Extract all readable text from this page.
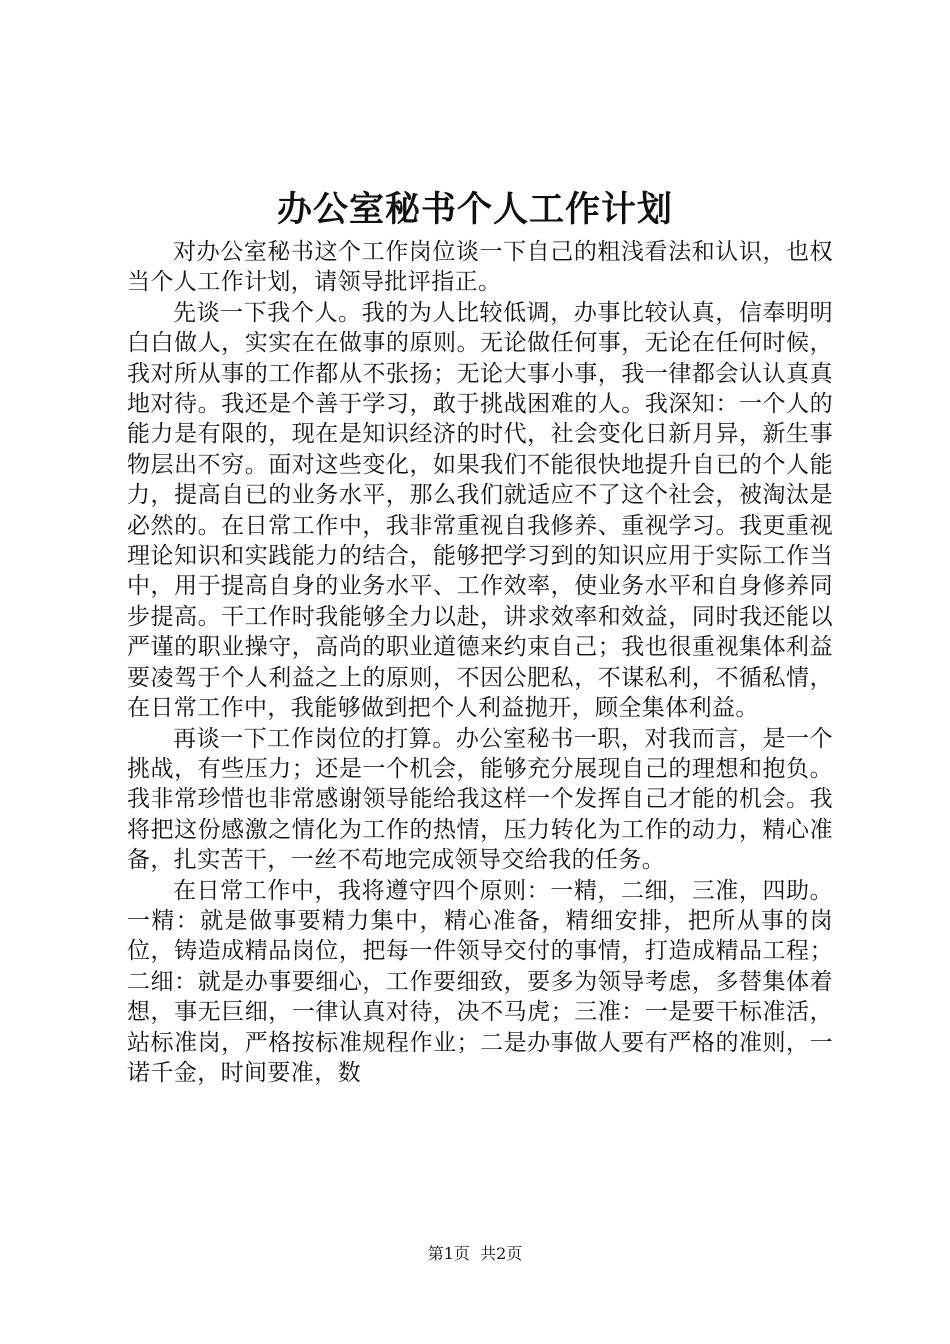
办公室秘书个人工作计划

对办公室秘书这个工作岗位谈一下自己的粗浅看法和认识，也权当个人工作计划，请领导批评指正。

先谈一下我个人。我的为人比较低调，办事比较认真，信奉明明白白做人，实实在在做事的原则。无论做任何事，无论在任何时候，我对所从事的工作都从不张扬；无论大事小事，我一律都会认认真真地对待。我还是个善于学习，敢于挑战困难的人。我深知：一个人的能力是有限的，现在是知识经济的时代，社会变化日新月异，新生事物层出不穷。面对这些变化，如果我们不能很快地提升自已的个人能力，提高自已的业务水平，那么我们就适应不了这个社会，被淘汰是必然的。在日常工作中，我非常重视自我修养、重视学习。我更重视理论知识和实践能力的结合，能够把学习到的知识应用于实际工作当中，用于提高自身的业务水平、工作效率，使业务水平和自身修养同步提高。干工作时我能够全力以赴，讲求效率和效益，同时我还能以严谨的职业操守，高尚的职业道德来约束自己；我也很重视集体利益要凌驾于个人利益之上的原则，不因公肥私，不谋私利，不循私情，在日常工作中，我能够做到把个人利益抛开，顾全集体利益。

再谈一下工作岗位的打算。办公室秘书一职，对我而言，是一个挑战，有些压力；还是一个机会，能够充分展现自己的理想和抱负。我非常珍惜也非常感谢领导能给我这样一个发挥自己才能的机会。我将把这份感激之情化为工作的热情，压力转化为工作的动力，精心准备，扎实苦干，一丝不苟地完成领导交给我的任务。

在日常工作中，我将遵守四个原则：一精，二细，三准，四助。一精：就是做事要精力集中，精心准备，精细安排，把所从事的岗位，铸造成精品岗位，把每一件领导交付的事情，打造成精品工程；二细：就是办事要细心，工作要细致，要多为领导考虑，多替集体着想，事无巨细，一律认真对待，决不马虎；三准：一是要干标准活，站标准岗，严格按标准规程作业；二是办事做人要有严格的准则，一诺千金，时间要准，数

第1页 共2页
